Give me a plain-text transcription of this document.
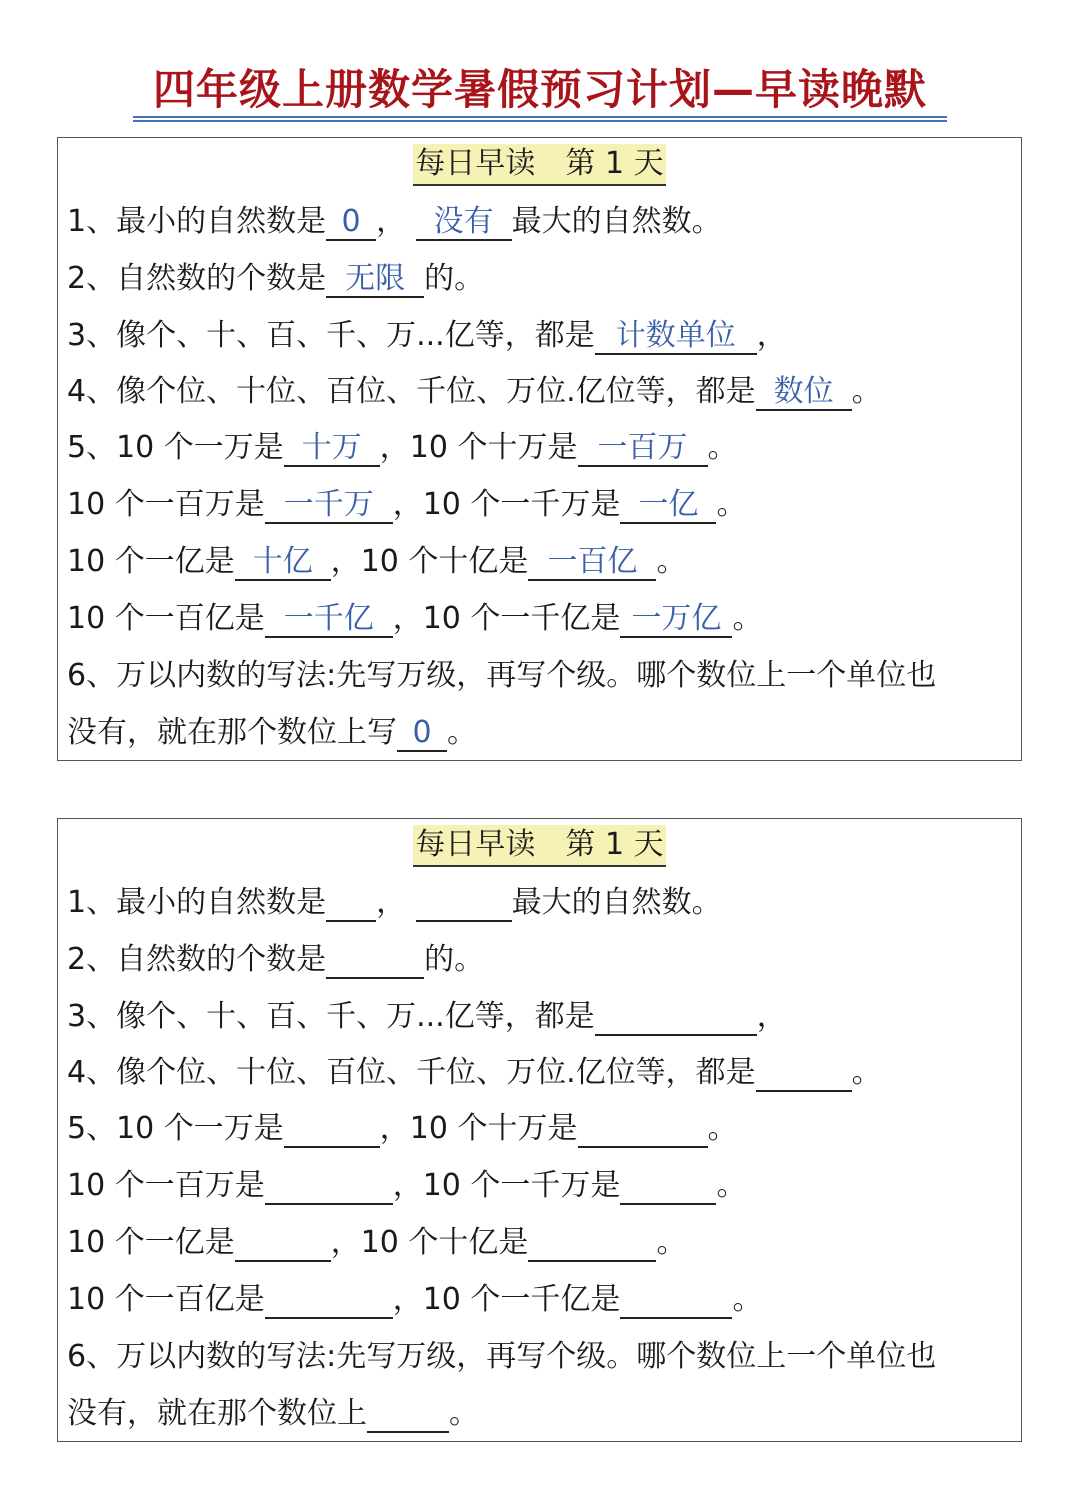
四年级上册数学暑假预习计划—早读晚默
每日早读 第 1 天
1、最小的自然数是 0 ， 没有 最大的自然数。
2、自然数的个数是 无限 的。
3、像个、十、百、千、万...亿等，都是 计数单位 ，
4、像个位、十位、百位、千位、万位.亿位等，都是 数位 。
5、10 个一万是 十万 ，10 个十万是 一百万 。
10 个一百万是 一千万 ，10 个一千万是 一亿 。
10 个一亿是 十亿 ，10 个十亿是 一百亿 。
10 个一百亿是 一千亿 ，10 个一千亿是 一万亿 。
6、万以内数的写法:先写万级，再写个级。哪个数位上一个单位也
没有，就在那个数位上写 0 。
每日早读 第 1 天
1、最小的自然数是 ，	最大的自然数。
2、自然数的个数是	的。
3、像个、十、百、千、万...亿等，都是	，
4、像个位、十位、百位、千位、万位.亿位等，都是	。
5、10 个一万是	，10 个十万是	。
10 个一百万是	，10 个一千万是	。
10 个一亿是	，10 个十亿是	。
10 个一百亿是	，10 个一千亿是	。
6、万以内数的写法:先写万级，再写个级。哪个数位上一个单位也
没有，就在那个数位上	。
